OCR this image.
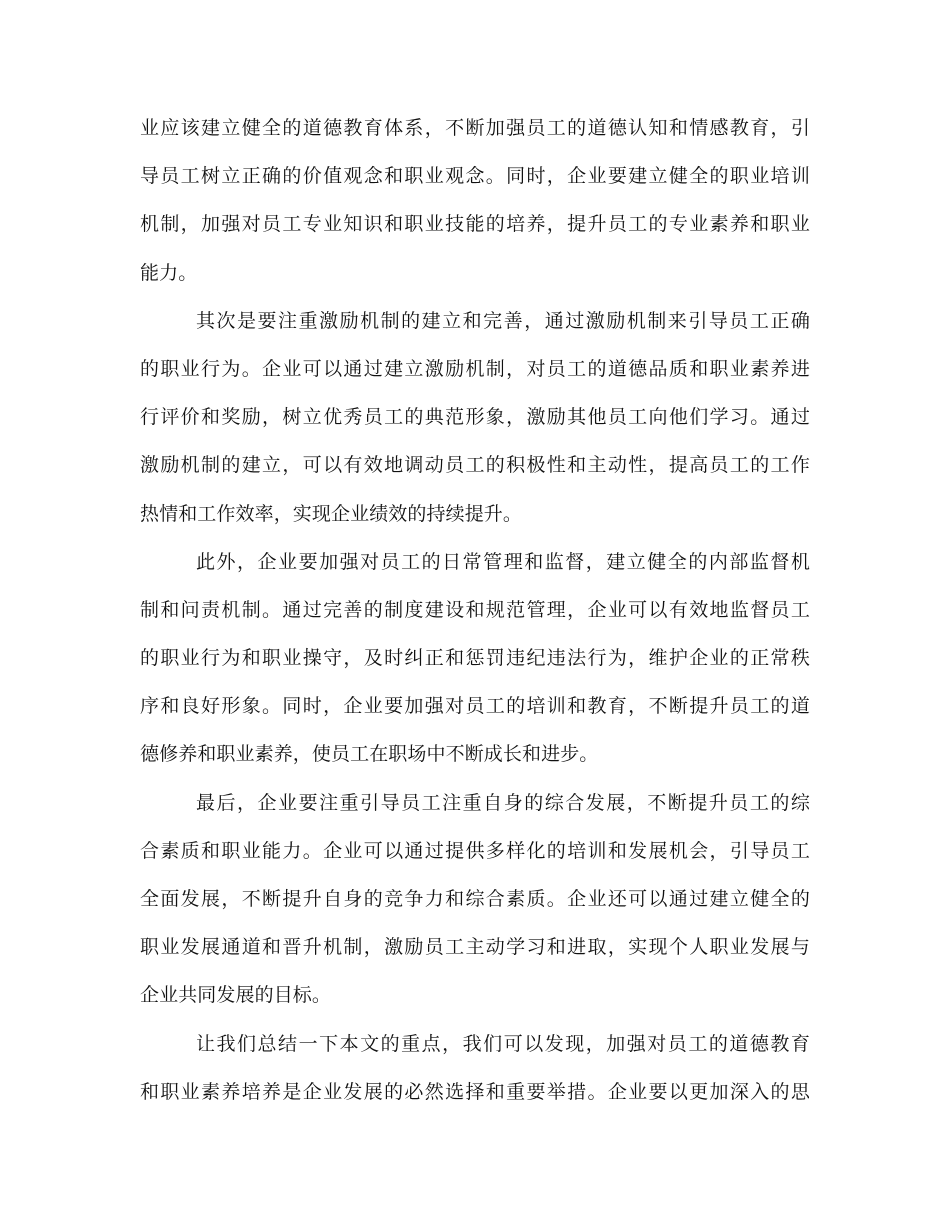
业应该建立健全的道德教育体系，不断加强员工的道德认知和情感教育，引
导员工树立正确的价值观念和职业观念。同时，企业要建立健全的职业培训
机制，加强对员工专业知识和职业技能的培养，提升员工的专业素养和职业
能力。
其次是要注重激励机制的建立和完善，通过激励机制来引导员工正确
的职业行为。企业可以通过建立激励机制，对员工的道德品质和职业素养进
行评价和奖励，树立优秀员工的典范形象，激励其他员工向他们学习。通过
激励机制的建立，可以有效地调动员工的积极性和主动性，提高员工的工作
热情和工作效率，实现企业绩效的持续提升。
此外，企业要加强对员工的日常管理和监督，建立健全的内部监督机
制和问责机制。通过完善的制度建设和规范管理，企业可以有效地监督员工
的职业行为和职业操守，及时纠正和惩罚违纪违法行为，维护企业的正常秩
序和良好形象。同时，企业要加强对员工的培训和教育，不断提升员工的道
德修养和职业素养，使员工在职场中不断成长和进步。
最后，企业要注重引导员工注重自身的综合发展，不断提升员工的综
合素质和职业能力。企业可以通过提供多样化的培训和发展机会，引导员工
全面发展，不断提升自身的竞争力和综合素质。企业还可以通过建立健全的
职业发展通道和晋升机制，激励员工主动学习和进取，实现个人职业发展与
企业共同发展的目标。
让我们总结一下本文的重点，我们可以发现，加强对员工的道德教育
和职业素养培养是企业发展的必然选择和重要举措。企业要以更加深入的思
